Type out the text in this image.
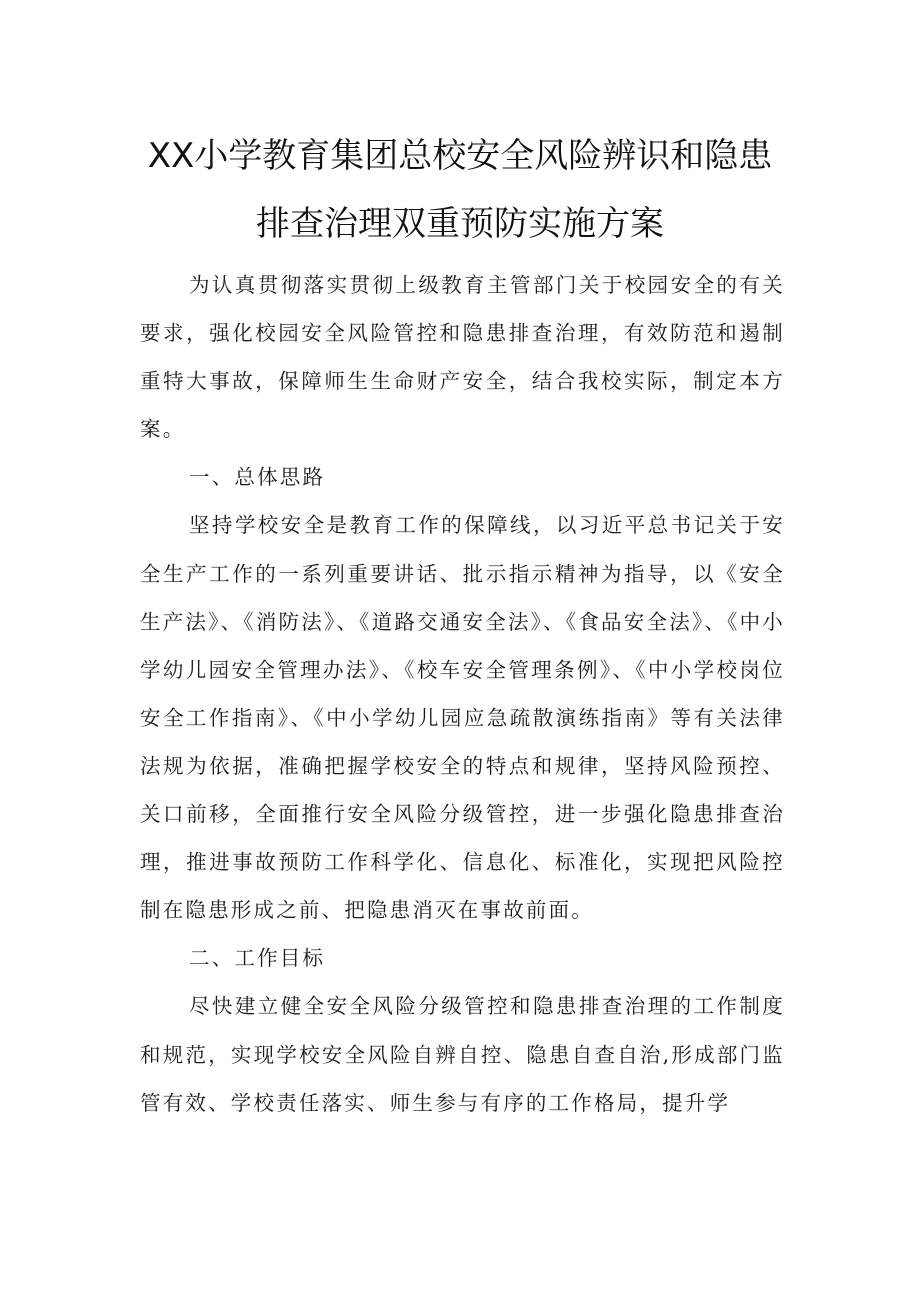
XX小学教育集团总校安全风险辨识和隐患
排查治理双重预防实施方案

为认真贯彻落实贯彻上级教育主管部门关于校园安全的有关要求，强化校园安全风险管控和隐患排查治理，有效防范和遏制重特大事故，保障师生生命财产安全，结合我校实际，制定本方案。

一、总体思路

坚持学校安全是教育工作的保障线，以习近平总书记关于安全生产工作的一系列重要讲话、批示指示精神为指导，以《安全生产法》、《消防法》、《道路交通安全法》、《食品安全法》、《中小学幼儿园安全管理办法》、《校车安全管理条例》、《中小学校岗位安全工作指南》、《中小学幼儿园应急疏散演练指南》等有关法律法规为依据，准确把握学校安全的特点和规律，坚持风险预控、关口前移，全面推行安全风险分级管控，进一步强化隐患排查治理，推进事故预防工作科学化、信息化、标准化，实现把风险控制在隐患形成之前、把隐患消灭在事故前面。

二、工作目标

尽快建立健全安全风险分级管控和隐患排查治理的工作制度和规范，实现学校安全风险自辨自控、隐患自查自治,形成部门监管有效、学校责任落实、师生参与有序的工作格局，提升学
